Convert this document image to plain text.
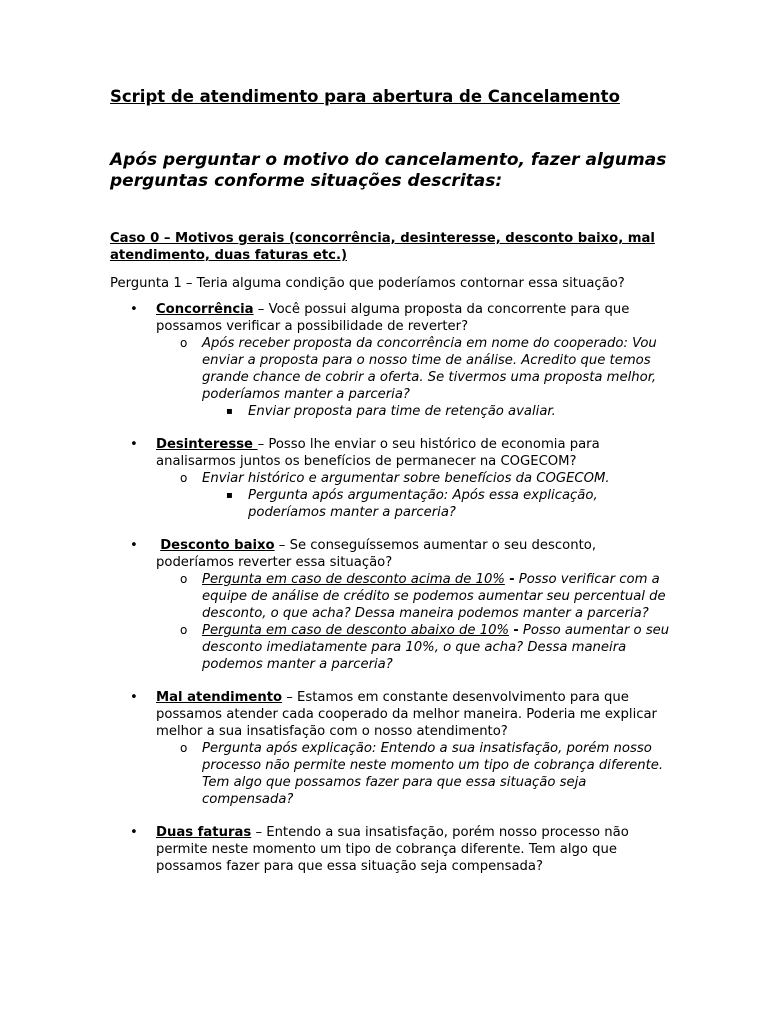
Script de atendimento para abertura de Cancelamento

Após perguntar o motivo do cancelamento, fazer algumas perguntas conforme situações descritas:

Caso 0 – Motivos gerais (concorrência, desinteresse, desconto baixo, mal atendimento, duas faturas etc.)

Pergunta 1 – Teria alguma condição que poderíamos contornar essa situação?

• Concorrência – Você possui alguma proposta da concorrente para que possamos verificar a possibilidade de reverter?
o Após receber proposta da concorrência em nome do cooperado: Vou enviar a proposta para o nosso time de análise. Acredito que temos grande chance de cobrir a oferta. Se tivermos uma proposta melhor, poderíamos manter a parceria?
▪ Enviar proposta para time de retenção avaliar.
• Desinteresse – Posso lhe enviar o seu histórico de economia para analisarmos juntos os benefícios de permanecer na COGECOM?
o Enviar histórico e argumentar sobre benefícios da COGECOM.
▪ Pergunta após argumentação: Após essa explicação, poderíamos manter a parceria?
• Desconto baixo – Se conseguíssemos aumentar o seu desconto, poderíamos reverter essa situação?
o Pergunta em caso de desconto acima de 10% - Posso verificar com a equipe de análise de crédito se podemos aumentar seu percentual de desconto, o que acha? Dessa maneira podemos manter a parceria?
o Pergunta em caso de desconto abaixo de 10% - Posso aumentar o seu desconto imediatamente para 10%, o que acha? Dessa maneira podemos manter a parceria?
• Mal atendimento – Estamos em constante desenvolvimento para que possamos atender cada cooperado da melhor maneira. Poderia me explicar melhor a sua insatisfação com o nosso atendimento?
o Pergunta após explicação: Entendo a sua insatisfação, porém nosso processo não permite neste momento um tipo de cobrança diferente. Tem algo que possamos fazer para que essa situação seja compensada?
• Duas faturas – Entendo a sua insatisfação, porém nosso processo não permite neste momento um tipo de cobrança diferente. Tem algo que possamos fazer para que essa situação seja compensada?
